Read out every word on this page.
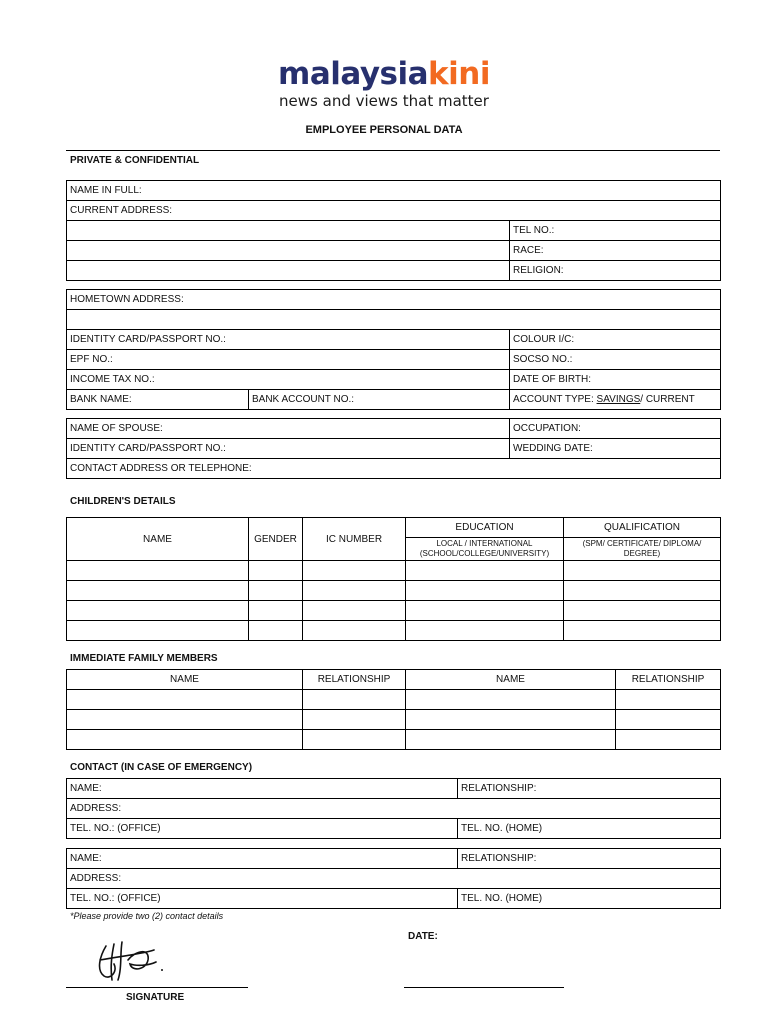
malaysiakini
news and views that matter
EMPLOYEE PERSONAL DATA
PRIVATE & CONFIDENTIAL
NAME IN FULL:	
CURRENT ADDRESS:	
	TEL NO.:
	RACE:
	RELIGION:
HOMETOWN ADDRESS:		

IDENTITY CARD/PASSPORT NO.:		COLOUR I/C:
EPF NO.:		SOCSO NO.:
INCOME TAX NO.:		DATE OF BIRTH:
BANK NAME:	BANK ACCOUNT NO.:	ACCOUNT TYPE: SAVINGS/ CURRENT
NAME OF SPOUSE:	OCCUPATION:
IDENTITY CARD/PASSPORT NO.:	WEDDING DATE:
CONTACT ADDRESS OR TELEPHONE:	
CHILDREN'S DETAILS
NAME	GENDER	IC NUMBER	EDUCATION	QUALIFICATION
			LOCAL / INTERNATIONAL (SCHOOL/COLLEGE/UNIVERSITY)	(SPM/ CERTIFICATE/ DIPLOMA/ DEGREE)

IMMEDIATE FAMILY MEMBERS
NAME	RELATIONSHIP	NAME	RELATIONSHIP

CONTACT (IN CASE OF EMERGENCY)
NAME:	RELATIONSHIP:
ADDRESS:	
TEL. NO.: (OFFICE)	TEL. NO. (HOME)
NAME:	RELATIONSHIP:
ADDRESS:	
TEL. NO.: (OFFICE)	TEL. NO. (HOME)
*Please provide two (2) contact details
DATE:
SIGNATURE
